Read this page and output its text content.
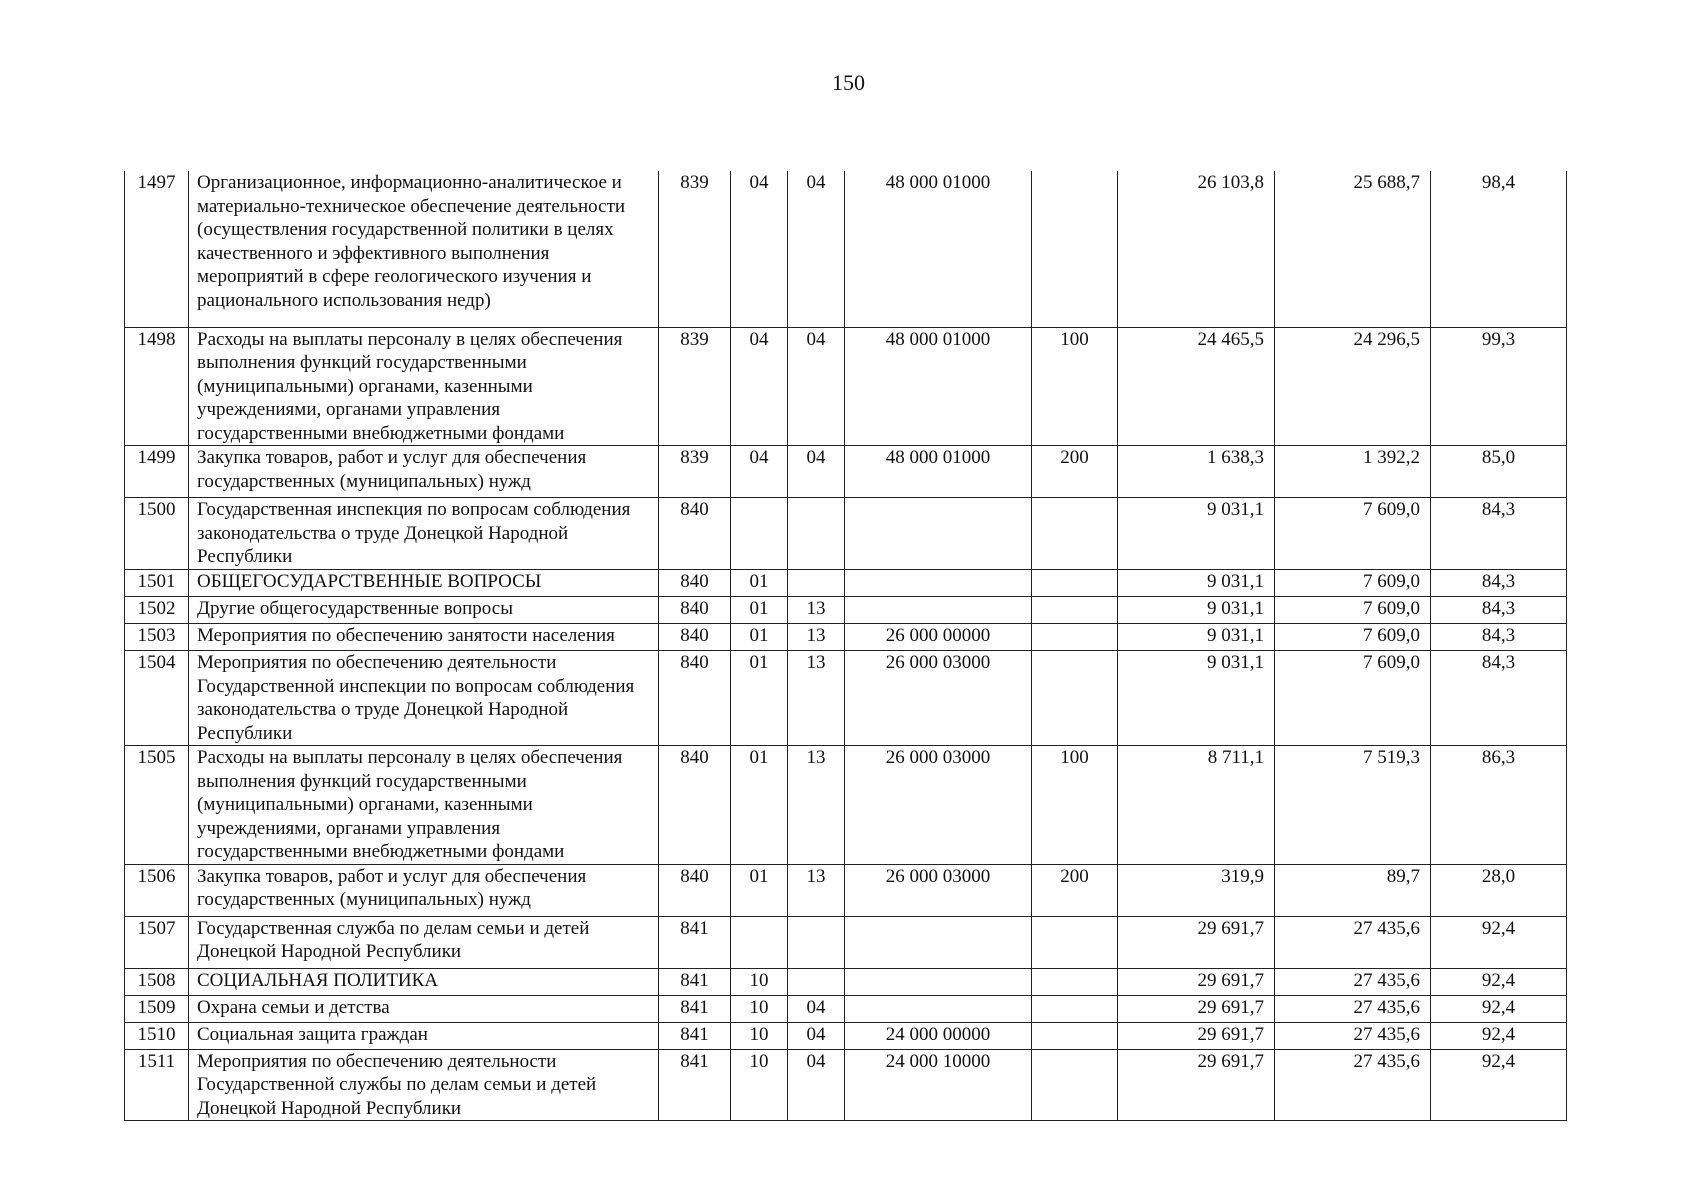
150
1497	Организационное, информационно-аналитическое и материально-техническое обеспечение деятельности (осуществления государственной политики в целях качественного и эффективного выполнения мероприятий в сфере геологического изучения и рационального использования недр)	839	04	04	48 000 01000		26 103,8	25 688,7	98,4
1498	Расходы на выплаты персоналу в целях обеспечения выполнения функций государственными (муниципальными) органами, казенными учреждениями, органами управления государственными внебюджетными фондами	839	04	04	48 000 01000	100	24 465,5	24 296,5	99,3
1499	Закупка товаров, работ и услуг для обеспечения государственных (муниципальных) нужд	839	04	04	48 000 01000	200	1 638,3	1 392,2	85,0
1500	Государственная инспекция по вопросам соблюдения законодательства о труде Донецкой Народной Республики	840					9 031,1	7 609,0	84,3
1501	ОБЩЕГОСУДАРСТВЕННЫЕ ВОПРОСЫ	840	01				9 031,1	7 609,0	84,3
1502	Другие общегосударственные вопросы	840	01	13			9 031,1	7 609,0	84,3
1503	Мероприятия по обеспечению занятости населения	840	01	13	26 000 00000		9 031,1	7 609,0	84,3
1504	Мероприятия по обеспечению деятельности Государственной инспекции по вопросам соблюдения законодательства о труде Донецкой Народной Республики	840	01	13	26 000 03000		9 031,1	7 609,0	84,3
1505	Расходы на выплаты персоналу в целях обеспечения выполнения функций государственными (муниципальными) органами, казенными учреждениями, органами управления государственными внебюджетными фондами	840	01	13	26 000 03000	100	8 711,1	7 519,3	86,3
1506	Закупка товаров, работ и услуг для обеспечения государственных (муниципальных) нужд	840	01	13	26 000 03000	200	319,9	89,7	28,0
1507	Государственная служба по делам семьи и детей Донецкой Народной Республики	841					29 691,7	27 435,6	92,4
1508	СОЦИАЛЬНАЯ ПОЛИТИКА	841	10				29 691,7	27 435,6	92,4
1509	Охрана семьи и детства	841	10	04			29 691,7	27 435,6	92,4
1510	Социальная защита граждан	841	10	04	24 000 00000		29 691,7	27 435,6	92,4
1511	Мероприятия по обеспечению деятельности Государственной службы по делам семьи и детей Донецкой Народной Республики	841	10	04	24 000 10000		29 691,7	27 435,6	92,4
